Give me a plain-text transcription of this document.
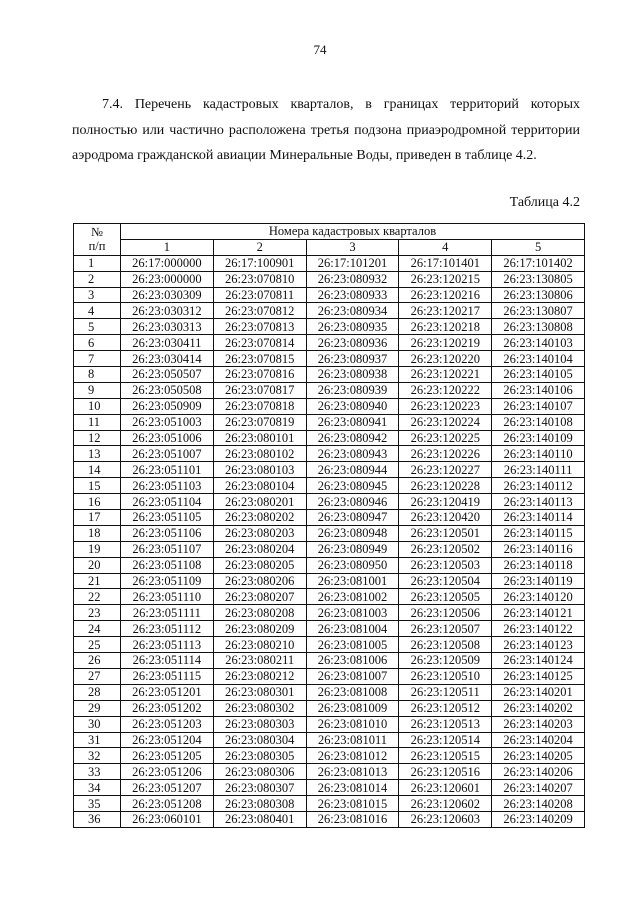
74

7.4. Перечень кадастровых кварталов, в границах территорий которых полностью или частично расположена третья подзона приаэродромной территории аэродрома гражданской авиации Минеральные Воды, приведен в таблице 4.2.

Таблица 4.2
№
п/п	Номера кадастровых кварталов				
	1	2	3	4	5
1	26:17:000000	26:17:100901	26:17:101201	26:17:101401	26:17:101402
2	26:23:000000	26:23:070810	26:23:080932	26:23:120215	26:23:130805
3	26:23:030309	26:23:070811	26:23:080933	26:23:120216	26:23:130806
4	26:23:030312	26:23:070812	26:23:080934	26:23:120217	26:23:130807
5	26:23:030313	26:23:070813	26:23:080935	26:23:120218	26:23:130808
6	26:23:030411	26:23:070814	26:23:080936	26:23:120219	26:23:140103
7	26:23:030414	26:23:070815	26:23:080937	26:23:120220	26:23:140104
8	26:23:050507	26:23:070816	26:23:080938	26:23:120221	26:23:140105
9	26:23:050508	26:23:070817	26:23:080939	26:23:120222	26:23:140106
10	26:23:050909	26:23:070818	26:23:080940	26:23:120223	26:23:140107
11	26:23:051003	26:23:070819	26:23:080941	26:23:120224	26:23:140108
12	26:23:051006	26:23:080101	26:23:080942	26:23:120225	26:23:140109
13	26:23:051007	26:23:080102	26:23:080943	26:23:120226	26:23:140110
14	26:23:051101	26:23:080103	26:23:080944	26:23:120227	26:23:140111
15	26:23:051103	26:23:080104	26:23:080945	26:23:120228	26:23:140112
16	26:23:051104	26:23:080201	26:23:080946	26:23:120419	26:23:140113
17	26:23:051105	26:23:080202	26:23:080947	26:23:120420	26:23:140114
18	26:23:051106	26:23:080203	26:23:080948	26:23:120501	26:23:140115
19	26:23:051107	26:23:080204	26:23:080949	26:23:120502	26:23:140116
20	26:23:051108	26:23:080205	26:23:080950	26:23:120503	26:23:140118
21	26:23:051109	26:23:080206	26:23:081001	26:23:120504	26:23:140119
22	26:23:051110	26:23:080207	26:23:081002	26:23:120505	26:23:140120
23	26:23:051111	26:23:080208	26:23:081003	26:23:120506	26:23:140121
24	26:23:051112	26:23:080209	26:23:081004	26:23:120507	26:23:140122
25	26:23:051113	26:23:080210	26:23:081005	26:23:120508	26:23:140123
26	26:23:051114	26:23:080211	26:23:081006	26:23:120509	26:23:140124
27	26:23:051115	26:23:080212	26:23:081007	26:23:120510	26:23:140125
28	26:23:051201	26:23:080301	26:23:081008	26:23:120511	26:23:140201
29	26:23:051202	26:23:080302	26:23:081009	26:23:120512	26:23:140202
30	26:23:051203	26:23:080303	26:23:081010	26:23:120513	26:23:140203
31	26:23:051204	26:23:080304	26:23:081011	26:23:120514	26:23:140204
32	26:23:051205	26:23:080305	26:23:081012	26:23:120515	26:23:140205
33	26:23:051206	26:23:080306	26:23:081013	26:23:120516	26:23:140206
34	26:23:051207	26:23:080307	26:23:081014	26:23:120601	26:23:140207
35	26:23:051208	26:23:080308	26:23:081015	26:23:120602	26:23:140208
36	26:23:060101	26:23:080401	26:23:081016	26:23:120603	26:23:140209
